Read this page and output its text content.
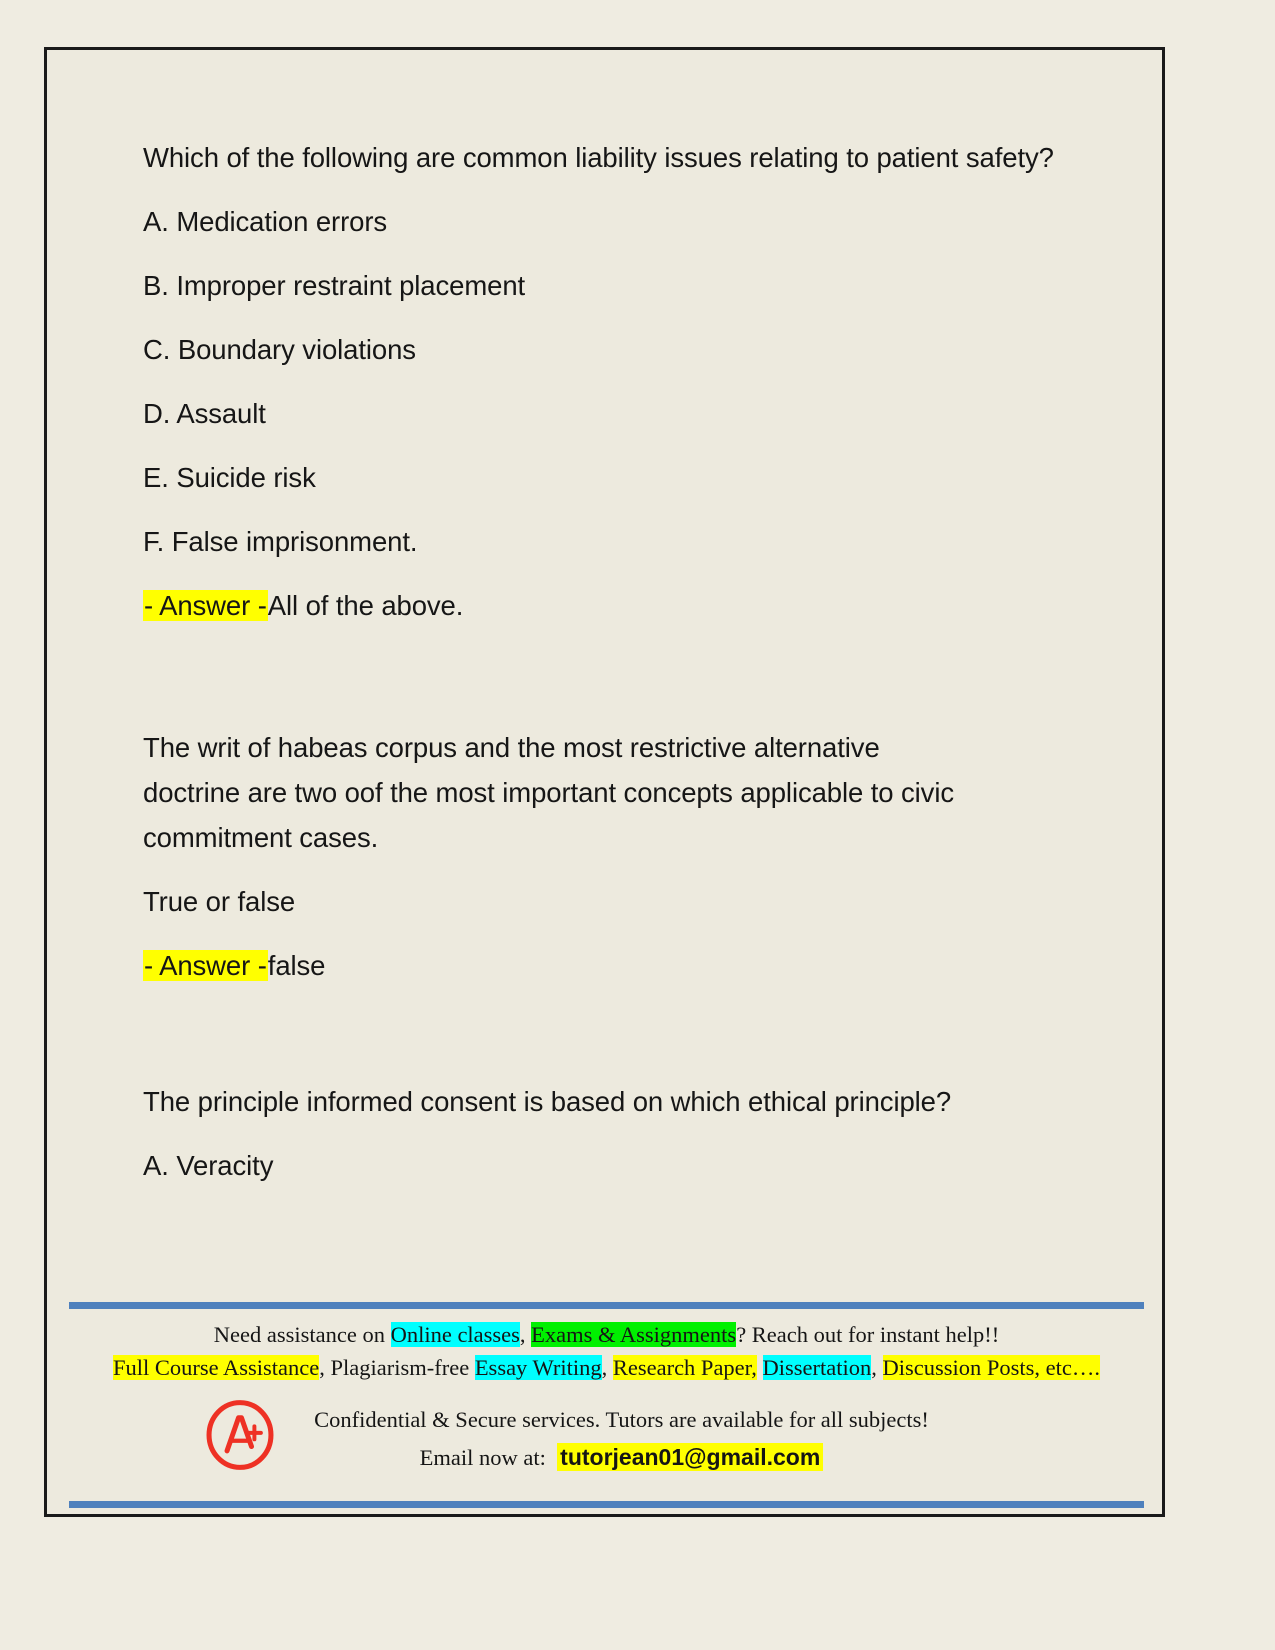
Which of the following are common liability issues relating to patient safety?
A. Medication errors
B. Improper restraint placement
C. Boundary violations
D. Assault
E. Suicide risk
F. False imprisonment.
- Answer -All of the above.
The writ of habeas corpus and the most restrictive alternative doctrine are two oof the most important concepts applicable to civic commitment cases.
True or false
- Answer -false
The principle informed consent is based on which ethical principle?
A. Veracity
Need assistance on Online classes, Exams & Assignments? Reach out for instant help!!
Full Course Assistance, Plagiarism-free Essay Writing, Research Paper, Dissertation, Discussion Posts, etc….
Confidential & Secure services. Tutors are available for all subjects!
Email now at: tutorjean01@gmail.com
